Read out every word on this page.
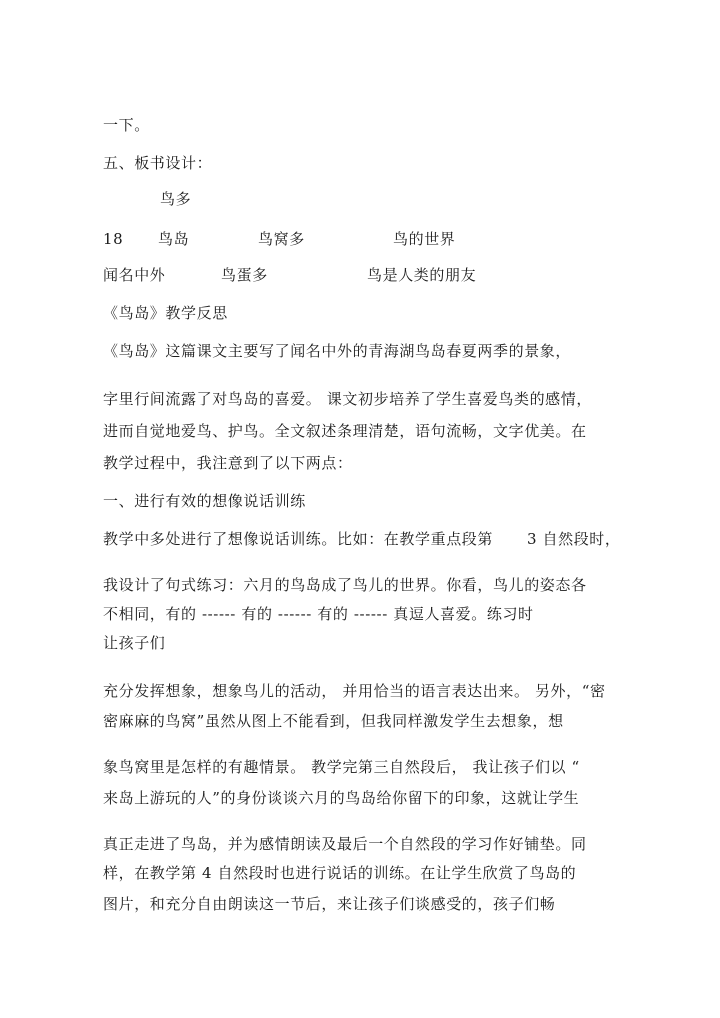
一下。
五、板书设计：
鸟多
18 鸟岛	鸟窝多	鸟的世界
闻名中外	鸟蛋多	鸟是人类的朋友
《鸟岛》教学反思
《鸟岛》这篇课文主要写了闻名中外的青海湖鸟岛春夏两季的景象，
字里行间流露了对鸟岛的喜爱。 课文初步培养了学生喜爱鸟类的感情，
进而自觉地爱鸟、护鸟。全文叙述条理清楚，语句流畅，文字优美。在
教学过程中，我注意到了以下两点：
一、进行有效的想像说话训练
教学中多处进行了想像说话训练。比如：在教学重点段第 3 自然段时，
我设计了句式练习：六月的鸟岛成了鸟儿的世界。你看，鸟儿的姿态各
不相同，有的 ------ 有的 ------ 有的 ------ 真逗人喜爱。练习时
让孩子们
充分发挥想象，想象鸟儿的活动， 并用恰当的语言表达出来。 另外，“密
密麻麻的鸟窝”虽然从图上不能看到，但我同样激发学生去想象，想
象鸟窝里是怎样的有趣情景。 教学完第三自然段后， 我让孩子们以 “
来岛上游玩的人”的身份谈谈六月的鸟岛给你留下的印象，这就让学生
真正走进了鸟岛，并为感情朗读及最后一个自然段的学习作好铺垫。同
样，在教学第 4 自然段时也进行说话的训练。在让学生欣赏了鸟岛的
图片，和充分自由朗读这一节后，来让孩子们谈感受的，孩子们畅
